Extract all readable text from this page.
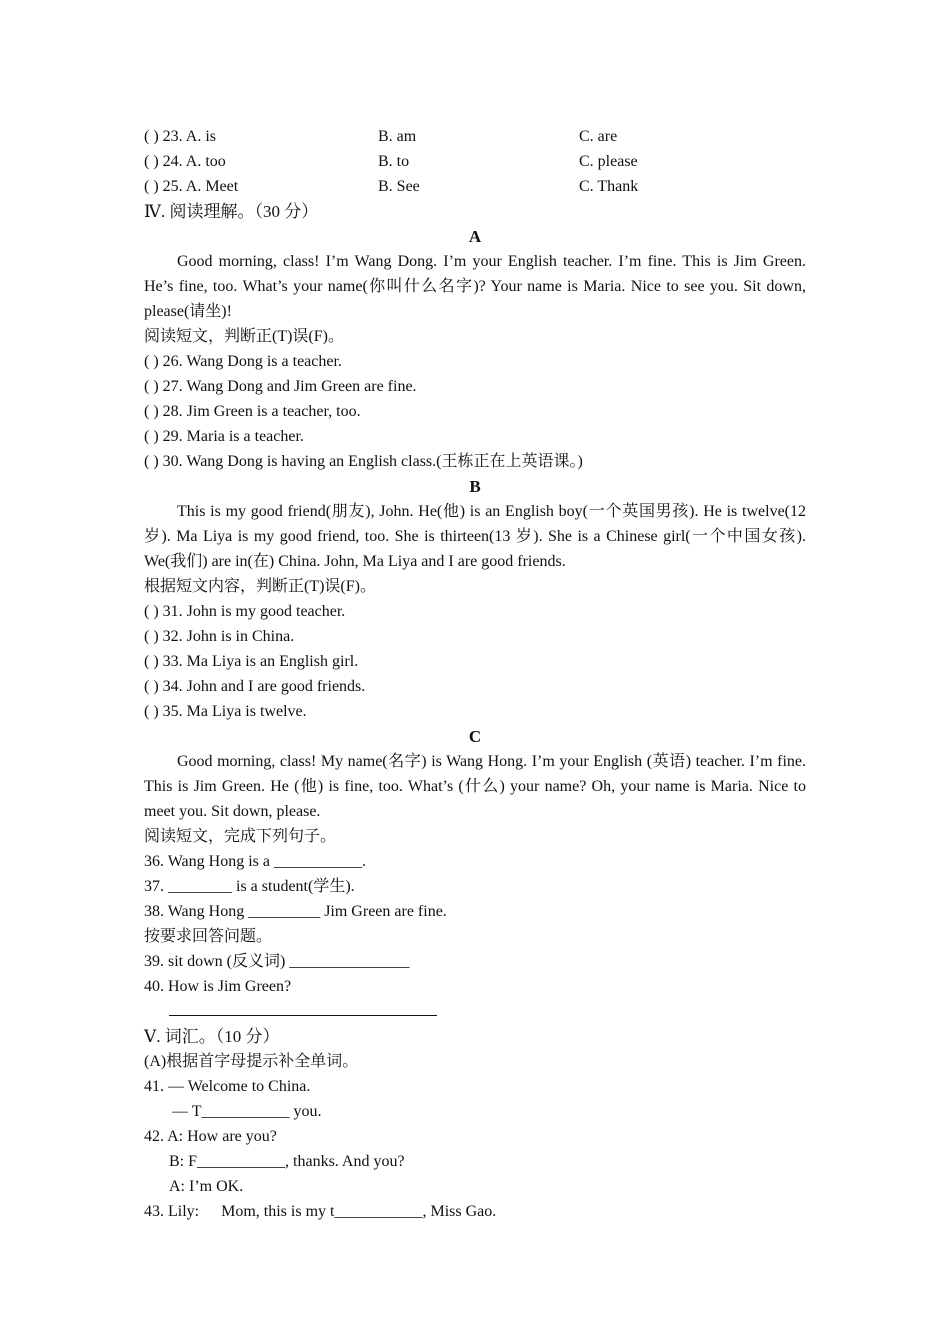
( ) 23. A. is	B. am	C. are
( ) 24. A. too	B. to	C. please
( ) 25. A. Meet	B. See	C. Thank
Ⅳ. 阅读理解。（30 分）
A
Good morning, class! I’m Wang Dong. I’m your English teacher. I’m fine. This is Jim Green. He’s fine, too. What’s your name(你叫什么名字)? Your name is Maria. Nice to see you. Sit down, please(请坐)!
阅读短文，判断正(T)误(F)。
( ) 26. Wang Dong is a teacher.
( ) 27. Wang Dong and Jim Green are fine.
( ) 28. Jim Green is a teacher, too.
( ) 29. Maria is a teacher.
( ) 30. Wang Dong is having an English class.(王栋正在上英语课。)
B
This is my good friend(朋友), John. He(他) is an English boy(一个英国男孩). He is twelve(12 岁). Ma Liya is my good friend, too. She is thirteen(13 岁). She is a Chinese girl(一个中国女孩). We(我们) are in(在) China. John, Ma Liya and I are good friends.
根据短文内容，判断正(T)误(F)。
( ) 31. John is my good teacher.
( ) 32. John is in China.
( ) 33. Ma Liya is an English girl.
( ) 34. John and I are good friends.
( ) 35. Ma Liya is twelve.
C
Good morning, class! My name(名字) is Wang Hong. I’m your English (英语) teacher. I’m fine. This is Jim Green. He (他) is fine, too. What’s (什么) your name? Oh, your name is Maria. Nice to meet you. Sit down, please.
阅读短文，完成下列句子。
36. Wang Hong is a ___________.
37. ________ is a student(学生).
38. Wang Hong _________ Jim Green are fine.
按要求回答问题。
39. sit down (反义词) _______________
40. How is Jim Green?
Ⅴ. 词汇。（10 分）
(A)根据首字母提示补全单词。
41. — Welcome to China.
— T___________ you.
42. A: How are you?
B: F___________, thanks. And you?
A: I’m OK.
43. Lily: Mom, this is my t___________, Miss Gao.
